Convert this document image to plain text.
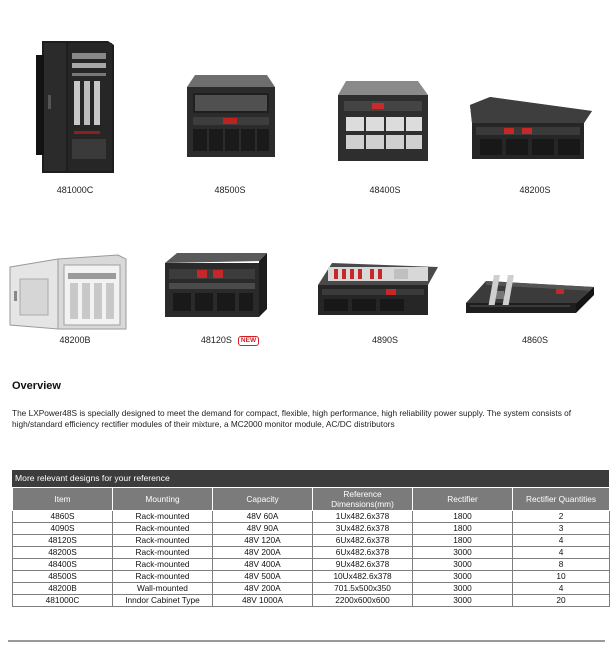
481000C	48500S	48400S	48200S
48200B	48120S NEW	4890S	4860S
Overview

The LXPower48S is specially designed to meet the demand for compact, flexible, high performance, high reliability power supply. The system consists of high/standard efficiency rectifier modules of their mixture, a MC2000 monitor module, AC/DC distributors

More relevant designs for your reference
Item	Mounting	Capacity	Reference Dimensions(mm)	Rectifier	Rectifier Quantities
4860S	Rack-mounted	48V 60A	1Ux482.6x378	1800	2
4090S	Rack-mounted	48V 90A	3Ux482.6x378	1800	3
48120S	Rack-mounted	48V 120A	6Ux482.6x378	1800	4
48200S	Rack-mounted	48V 200A	6Ux482.6x378	3000	4
48400S	Rack-mounted	48V 400A	9Ux482.6x378	3000	8
48500S	Rack-mounted	48V 500A	10Ux482.6x378	3000	10
48200B	Wall-mounted	48V 200A	701.5x500x350	3000	4
481000C	Inndor Cabinet Type	48V 1000A	2200x600x600	3000	20
